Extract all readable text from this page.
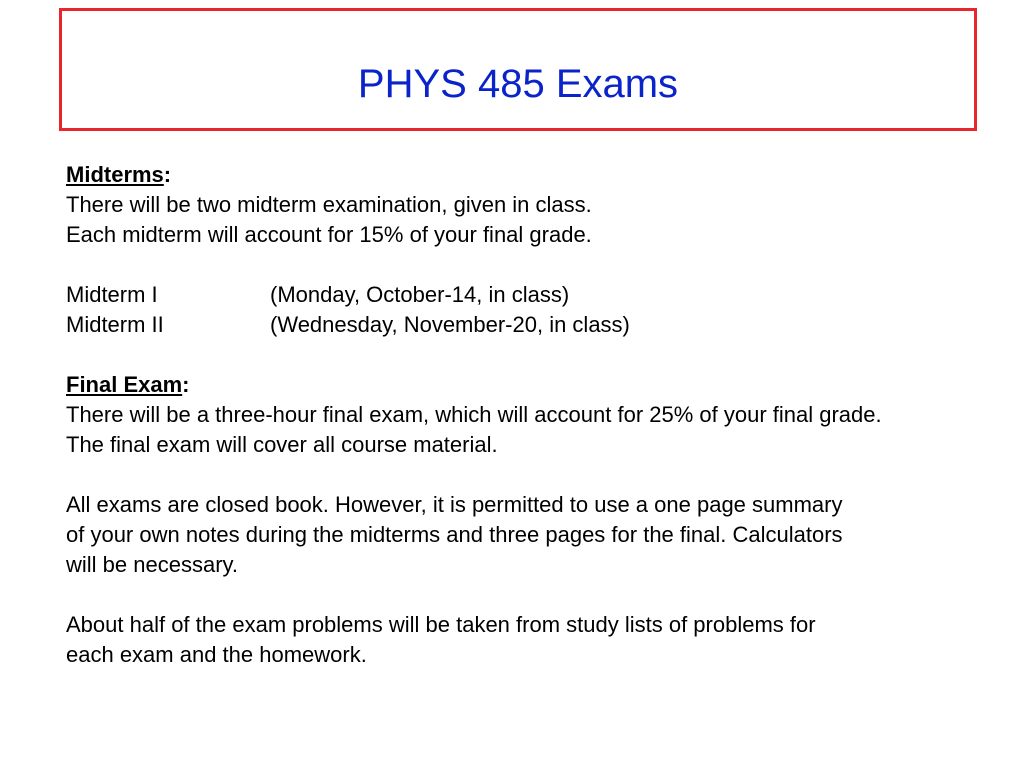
PHYS 485 Exams
Midterms:
There will be two midterm examination, given in class.
Each midterm will account for 15% of your final grade.
Midterm I	(Monday, October-14, in class)
Midterm II	(Wednesday, November-20, in class)
Final Exam:
There will be a three-hour final exam, which will account for 25% of your final grade.
The final exam will cover all course material.
All exams are closed book. However, it is permitted to use a one page summary
of your own notes during the midterms and three pages for the final. Calculators
will be necessary.
About half of the exam problems will be taken from study lists of problems for
each exam and the homework.
